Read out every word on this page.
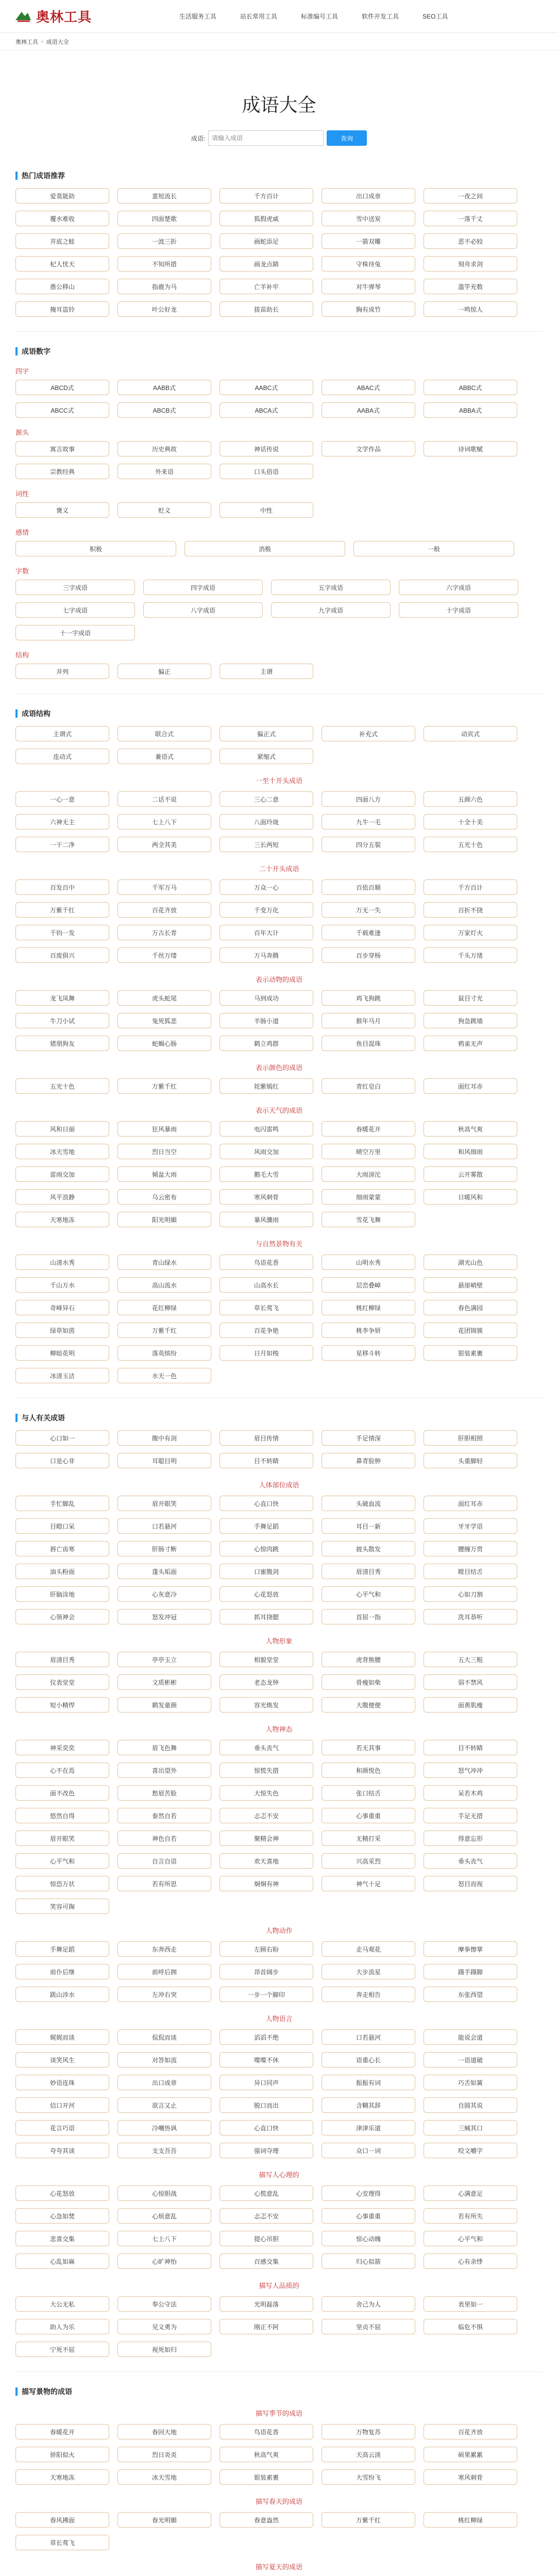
奥林工具	生活服务工具	站长常用工具	标准编号工具	软件开发工具	SEO工具
奥林工具 › 成语大全
成语大全
成语:
请输入成语	查询
热门成语推荐
爱莫能助	蜚短流长	千方百计	出口成章	一夜之间
覆水难收	四面楚歌	狐假虎威	雪中送炭	一落千丈
井底之蛙	一波三折	画蛇添足	一箭双雕	恶不必较
杞人忧天	不知所措	画龙点睛	守株待兔	刻舟求剑
愚公移山	指鹿为马	亡羊补牢	对牛弹琴	滥竽充数
掩耳盗铃	叶公好龙	拔苗助长	胸有成竹	一鸣惊人
成语数字
四字
ABCD式	AABB式	AABC式	ABAC式	ABBC式
ABCC式	ABCB式	ABCA式	AABA式	ABBA式
源头
寓言故事	历史典故	神话传说	文学作品	诗词歌赋
宗教经典	外来语	口头俗语
词性
褒义	贬义	中性
感情
积极	消极	一般
字数
三字成语	四字成语	五字成语	六字成语
七字成语	八字成语	九字成语	十字成语
十一字成语
结构
并列	偏正	主谓
成语结构
主谓式	联合式	偏正式	补充式	动宾式
连动式	兼语式	紧缩式
一至十开头成语
一心一意	二话不说	三心二意	四面八方	五颜六色
六神无主	七上八下	八面玲珑	九牛一毛	十全十美
一干二净	两全其美	三长两短	四分五裂	五光十色
二十开头成语
百发百中	千军万马	万众一心	百依百顺	千方百计
万紫千红	百花齐放	千变万化	万无一失	百折不挠
千钧一发	万古长青	百年大计	千载难逢	万家灯火
百废俱兴	千丝万缕	万马奔腾	百步穿杨	千头万绪
表示动物的成语
龙飞凤舞	虎头蛇尾	马到成功	鸡飞狗跳	鼠目寸光
牛刀小试	兔死狐悲	羊肠小道	猴年马月	狗急跳墙
猪朋狗友	蛇蝎心肠	鹤立鸡群	鱼目混珠	鸦雀无声
表示颜色的成语
五光十色	万紫千红	姹紫嫣红	青红皂白	面红耳赤
表示天气的成语
风和日丽	狂风暴雨	电闪雷鸣	春暖花开	秋高气爽
冰天雪地	烈日当空	风雨交加	晴空万里	和风细雨
雷雨交加	倾盆大雨	鹅毛大雪	大雨滂沱	云开雾散
风平浪静	乌云密布	寒风刺骨	细雨蒙蒙	日暖风和
天寒地冻	阳光明媚	暴风骤雨	雪花飞舞
与自然景物有关
山清水秀	青山绿水	鸟语花香	山明水秀	湖光山色
千山万水	高山流水	山高水长	层峦叠嶂	悬崖峭壁
奇峰异石	花红柳绿	草长莺飞	桃红柳绿	春色满园
绿草如茵	万紫千红	百花争艳	桃李争妍	花团锦簇
柳暗花明	落英缤纷	日月如梭	星移斗转	银装素裹
冰清玉洁	水天一色
与人有关成语
心口如一	腹中有剑	眉目传情	手足情深	肝胆相照
口是心非	耳聪目明	目不转睛	鼻青脸肿	头重脚轻
人体部位成语
手忙脚乱	眉开眼笑	心直口快	头破血流	面红耳赤
目瞪口呆	口若悬河	手舞足蹈	耳目一新	牙牙学语
唇亡齿寒	肝肠寸断	心惊肉跳	披头散发	腰缠万贯
油头粉面	蓬头垢面	口蜜腹剑	眉清目秀	瞠目结舌
肝脑涂地	心灰意冷	心花怒放	心平气和	心如刀割
心领神会	怒发冲冠	抓耳挠腮	首屈一指	洗耳恭听
人物形象
眉清目秀	亭亭玉立	相貌堂堂	虎背熊腰	五大三粗
仪表堂堂	文质彬彬	老态龙钟	骨瘦如柴	弱不禁风
短小精悍	鹤发童颜	容光焕发	大腹便便	面黄肌瘦
人物神态
神采奕奕	眉飞色舞	垂头丧气	若无其事	目不转睛
心不在焉	喜出望外	惊慌失措	和颜悦色	怒气冲冲
面不改色	愁眉苦脸	大惊失色	张口结舌	呆若木鸡
悠然自得	泰然自若	忐忑不安	心事重重	手足无措
眉开眼笑	神色自若	聚精会神	无精打采	得意忘形
心平气和	自言自语	欢天喜地	兴高采烈	垂头丧气
惊恐万状	若有所思	炯炯有神	神气十足	怒目而视
笑容可掬
人物动作
手舞足蹈	东奔西走	左顾右盼	走马观花	摩拳擦掌
前仆后继	前呼后拥	昂首阔步	大步流星	蹑手蹑脚
跋山涉水	左冲右突	一步一个脚印	奔走相告	东张西望
人物语言
娓娓而谈	侃侃而谈	滔滔不绝	口若悬河	能说会道
谈笑风生	对答如流	喋喋不休	语重心长	一语道破
妙语连珠	出口成章	异口同声	振振有词	巧舌如簧
信口开河	欲言又止	脱口而出	含糊其辞	自圆其说
花言巧语	冷嘲热讽	心直口快	津津乐道	三缄其口
夸夸其谈	支支吾吾	强词夺理	众口一词	咬文嚼字
描写人心理的
心花怒放	心惊胆战	心慌意乱	心安理得	心满意足
心急如焚	心烦意乱	忐忑不安	心事重重	若有所失
悲喜交集	七上八下	提心吊胆	惊心动魄	心平气和
心乱如麻	心旷神怡	百感交集	归心似箭	心有余悸
描写人品质的
大公无私	奉公守法	光明磊落	舍己为人	表里如一
助人为乐	见义勇为	刚正不阿	坚贞不屈	临危不惧
宁死不屈	视死如归
描写景物的成语
描写季节的成语
春暖花开	春回大地	鸟语花香	万物复苏	百花齐放
骄阳似火	烈日炎炎	秋高气爽	天高云淡	硕果累累
天寒地冻	冰天雪地	银装素裹	大雪纷飞	寒风刺骨
描写春天的成语
春风拂面	春光明媚	春意盎然	万紫千红	桃红柳绿
草长莺飞
描写夏天的成语
